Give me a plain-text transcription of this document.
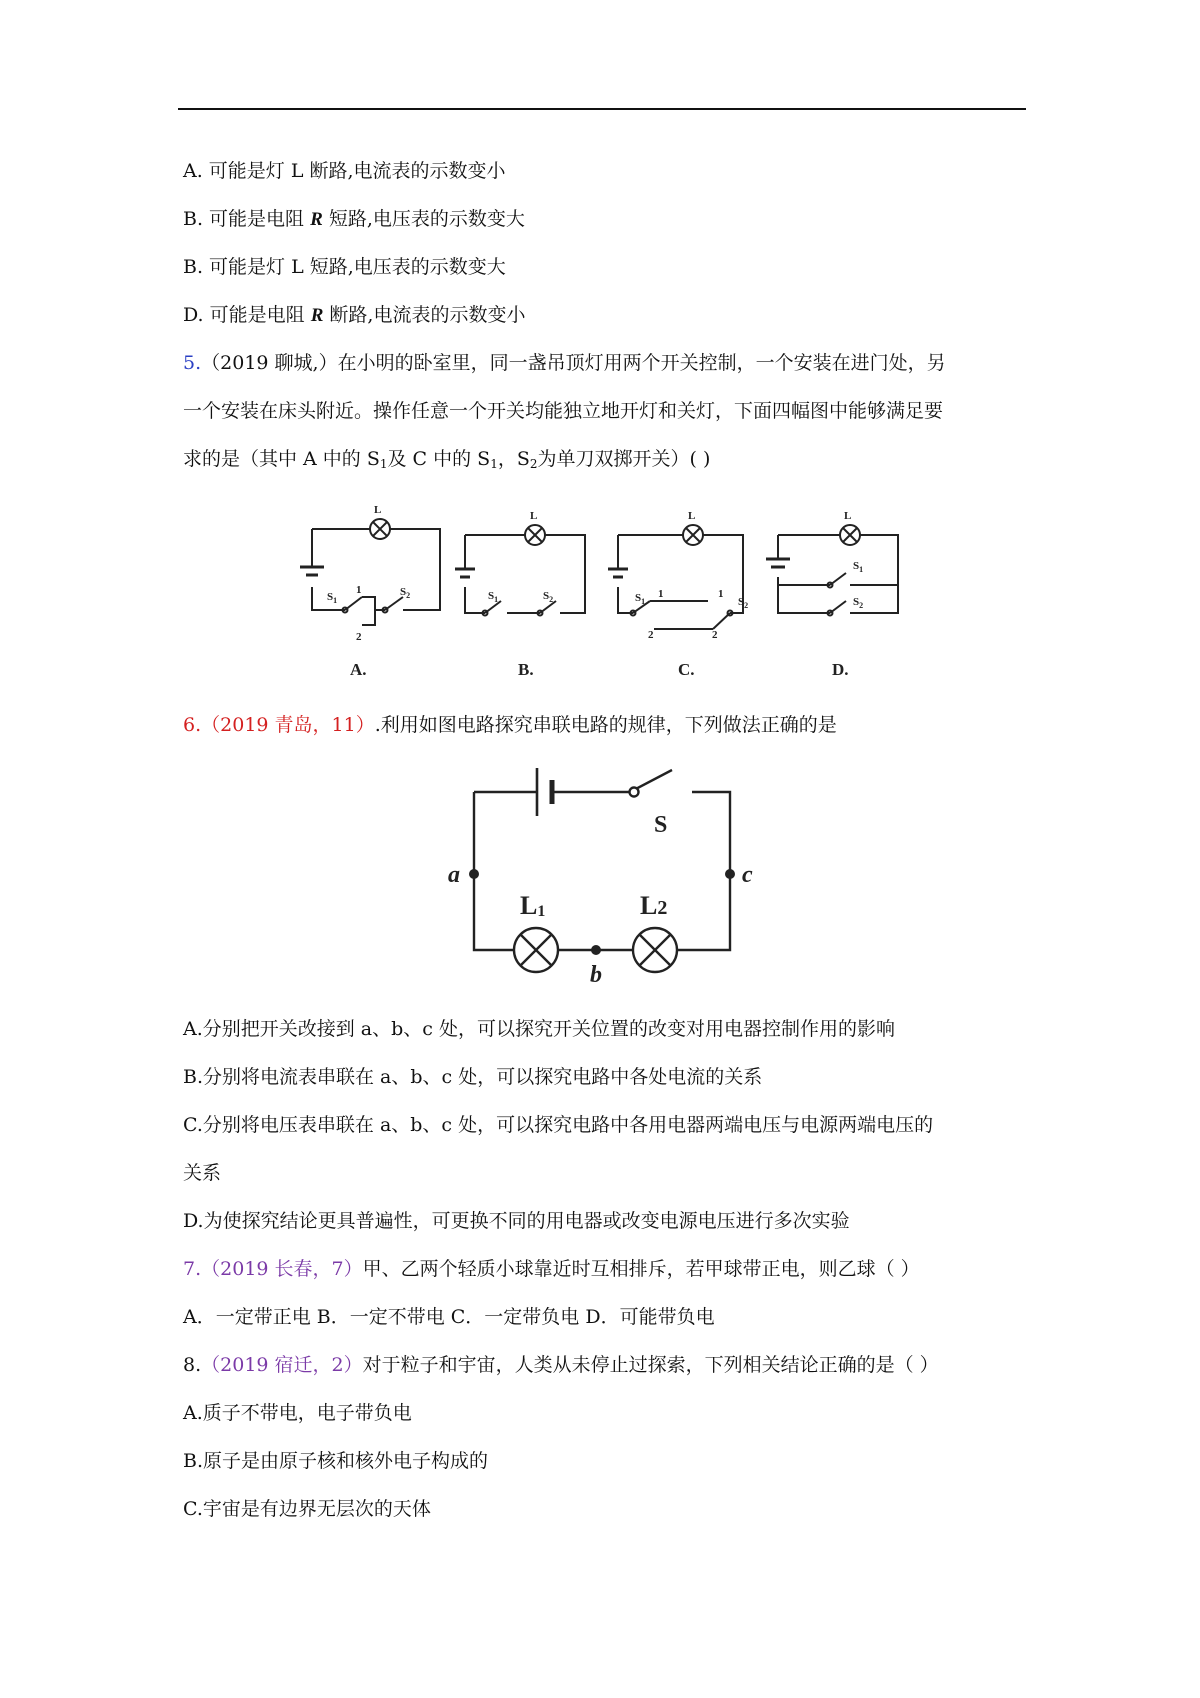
A. 可能是灯 L 断路,电流表的示数变小
B. 可能是电阻 R 短路,电压表的示数变大
B. 可能是灯 L 短路,电压表的示数变大
D. 可能是电阻 R 断路,电流表的示数变小
5.（2019 聊城,）在小明的卧室里，同一盏吊顶灯用两个开关控制，一个安装在进门处，另
一个安装在床头附近。操作任意一个开关均能独立地开灯和关灯，下面四幅图中能够满足要
求的是（其中 A 中的 $S_1$及 C 中的 $S_1$，$S_2$为单刀双掷开关）( )
L
$S_1$
1
2
$S_2$
L
$S_1$	$S_2$
L
$S_1$
1	1
$S_2$
2	2
L
$S_1$
$S_2$
A.	B.	C.	D.
6.（2019 青岛，11）.利用如图电路探究串联电路的规律，下列做法正确的是
S
a	c
b
L1	L2
A.分别把开关改接到 a、b、c 处，可以探究开关位置的改变对用电器控制作用的影响
B.分别将电流表串联在 a、b、c 处，可以探究电路中各处电流的关系
C.分别将电压表串联在 a、b、c 处，可以探究电路中各用电器两端电压与电源两端电压的
关系
D.为使探究结论更具普遍性，可更换不同的用电器或改变电源电压进行多次实验
7.（2019 长春，7）甲、乙两个轻质小球靠近时互相排斥，若甲球带正电，则乙球（ ）
A．一定带正电 B．一定不带电 C．一定带负电 D．可能带负电
8.（2019 宿迁，2）对于粒子和宇宙，人类从未停止过探索，下列相关结论正确的是（ ）
A.质子不带电，电子带负电
B.原子是由原子核和核外电子构成的
C.宇宙是有边界无层次的天体
